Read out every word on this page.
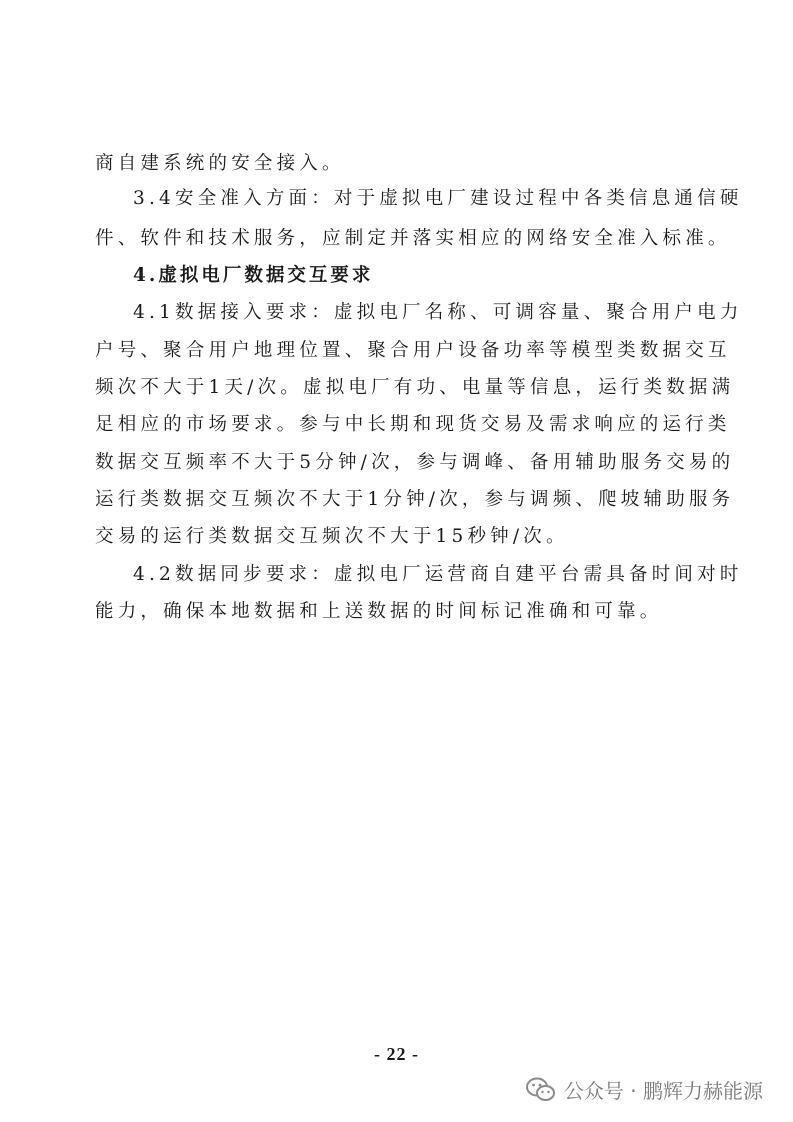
商自建系统的安全接入。
3.4安全准入方面：对于虚拟电厂建设过程中各类信息通信硬
件、软件和技术服务，应制定并落实相应的网络安全准入标准。
4.虚拟电厂数据交互要求
4.1数据接入要求：虚拟电厂名称、可调容量、聚合用户电力
户号、聚合用户地理位置、聚合用户设备功率等模型类数据交互
频次不大于1天/次。虚拟电厂有功、电量等信息，运行类数据满
足相应的市场要求。参与中长期和现货交易及需求响应的运行类
数据交互频率不大于5分钟/次，参与调峰、备用辅助服务交易的
运行类数据交互频次不大于1分钟/次，参与调频、爬坡辅助服务
交易的运行类数据交互频次不大于15秒钟/次。
4.2数据同步要求：虚拟电厂运营商自建平台需具备时间对时
能力，确保本地数据和上送数据的时间标记准确和可靠。
- 22 -
公众号 · 鹏辉力赫能源
